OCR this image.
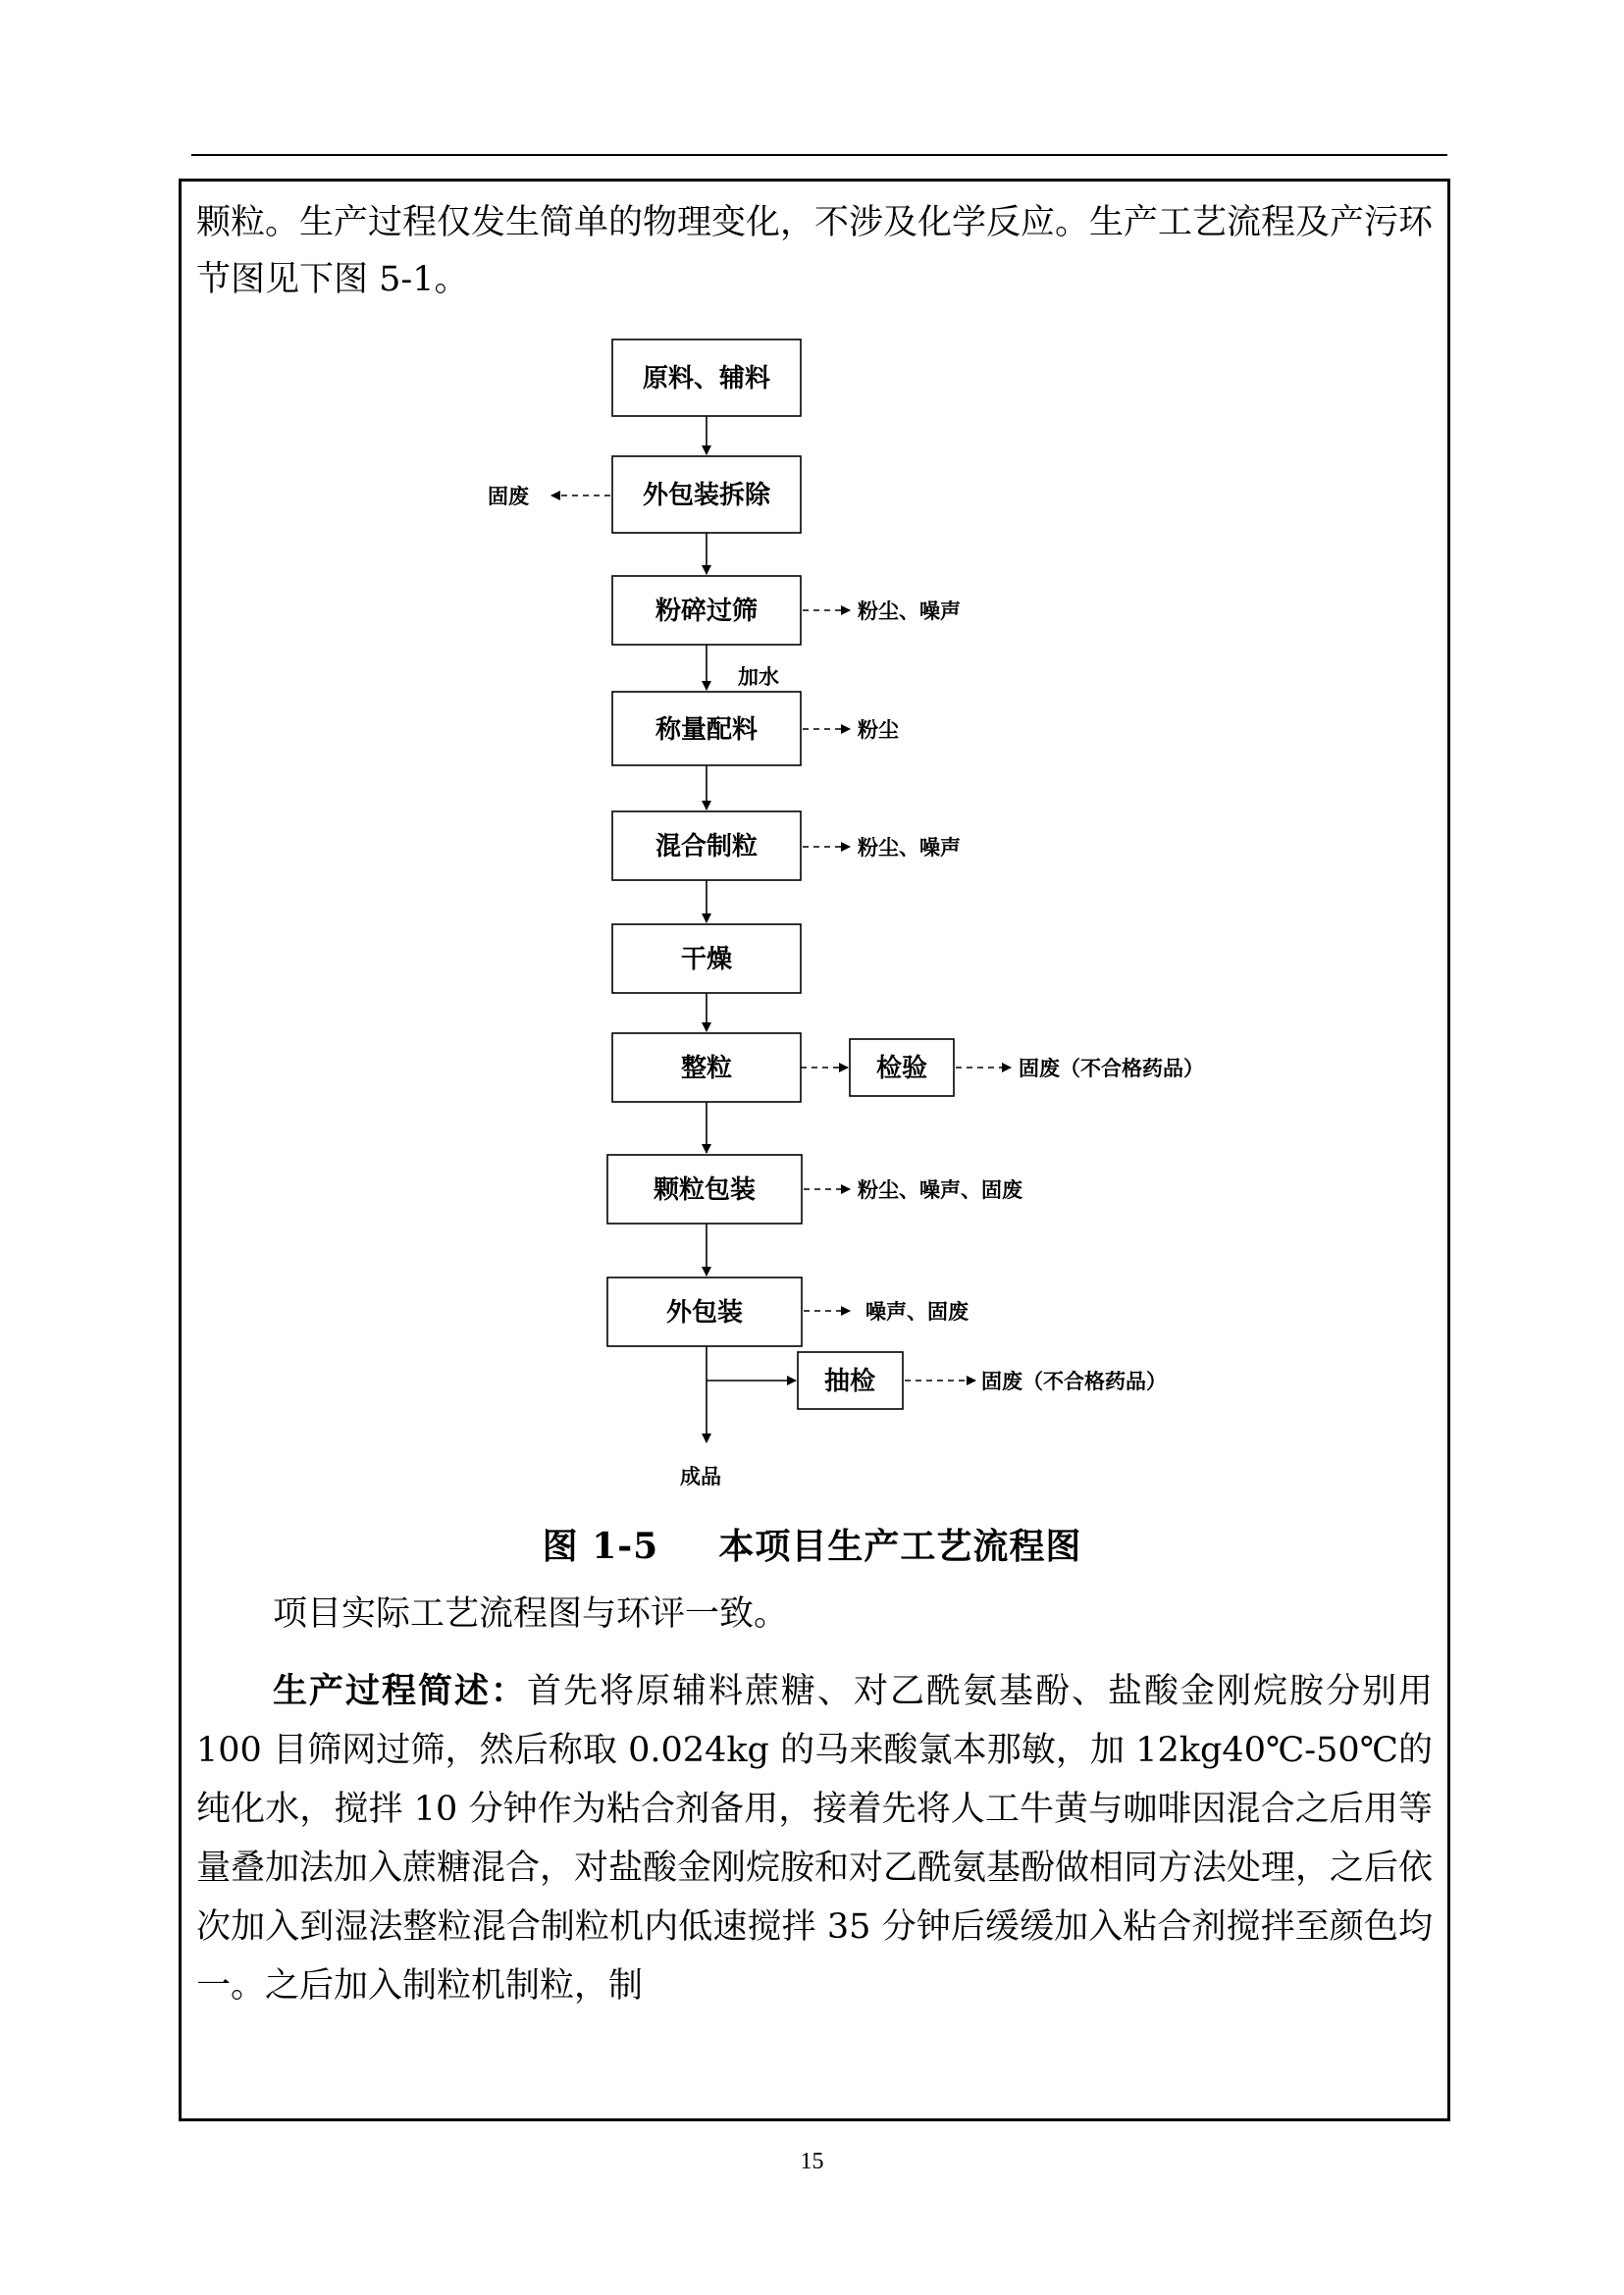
颗粒。生产过程仅发生简单的物理变化，不涉及化学反应。生产工艺流程及产污环节图见下图 5-1。

原料、辅料
外包装拆除
粉碎过筛
称量配料
混合制粒
干燥
整粒
颗粒包装
外包装
检验
抽检
固废
粉尘、噪声
加水
粉尘
粉尘、噪声
固废（不合格药品）
粉尘、噪声、固废
噪声、固废
固废（不合格药品）
成品
图 1-5 本项目生产工艺流程图

项目实际工艺流程图与环评一致。

生产过程简述：首先将原辅料蔗糖、对乙酰氨基酚、盐酸金刚烷胺分别用 100 目筛网过筛，然后称取 0.024kg 的马来酸氯本那敏，加 12kg40℃-50℃的纯化水，搅拌 10 分钟作为粘合剂备用，接着先将人工牛黄与咖啡因混合之后用等量叠加法加入蔗糖混合，对盐酸金刚烷胺和对乙酰氨基酚做相同方法处理，之后依次加入到湿法整粒混合制粒机内低速搅拌 35 分钟后缓缓加入粘合剂搅拌至颜色均一。之后加入制粒机制粒，制

15
